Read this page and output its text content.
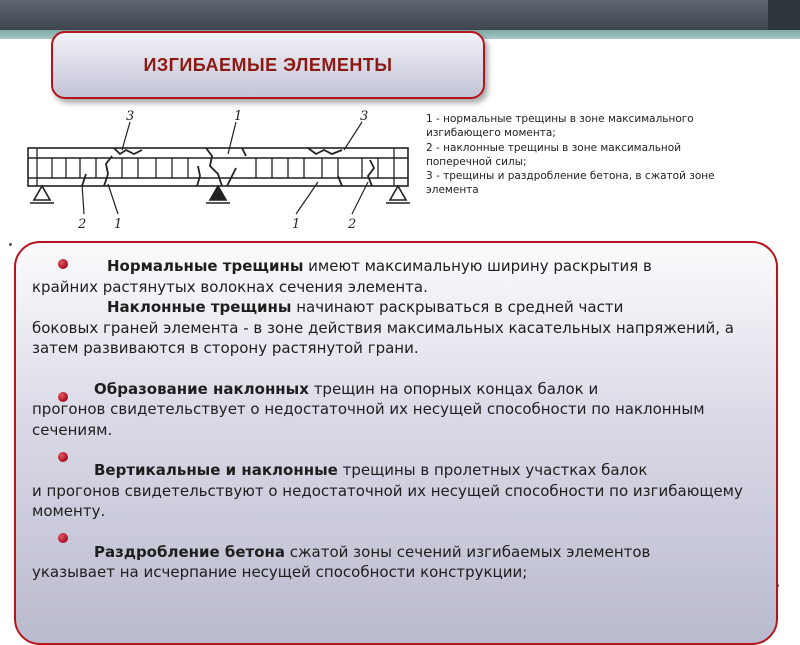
ИЗГИБАЕМЫЕ ЭЛЕМЕНТЫ
3	1	3
2 1	1	2
1 - нормальные трещины в зоне максимального
изгибающего момента;
2 - наклонные трещины в зоне максимальной
поперечной силы;
3 - трещины и раздробление бетона, в сжатой зоне
элемента
Нормальные трещины имеют максимальную ширину раскрытия в
крайних растянутых волокнах сечения элемента.
Наклонные трещины начинают раскрываться в средней части
боковых граней элемента - в зоне действия максимальных касательных напряжений, а затем развиваются в сторону растянутой грани.
Образование наклонных трещин на опорных концах балок и
прогонов свидетельствует о недостаточной их несущей способности по наклонным сечениям.
Вертикальные и наклонные трещины в пролетных участках балок
и прогонов свидетельствуют о недостаточной их несущей способности по изгибающему моменту.
Раздробление бетона сжатой зоны сечений изгибаемых элементов
указывает на исчерпание несущей способности конструкции;
